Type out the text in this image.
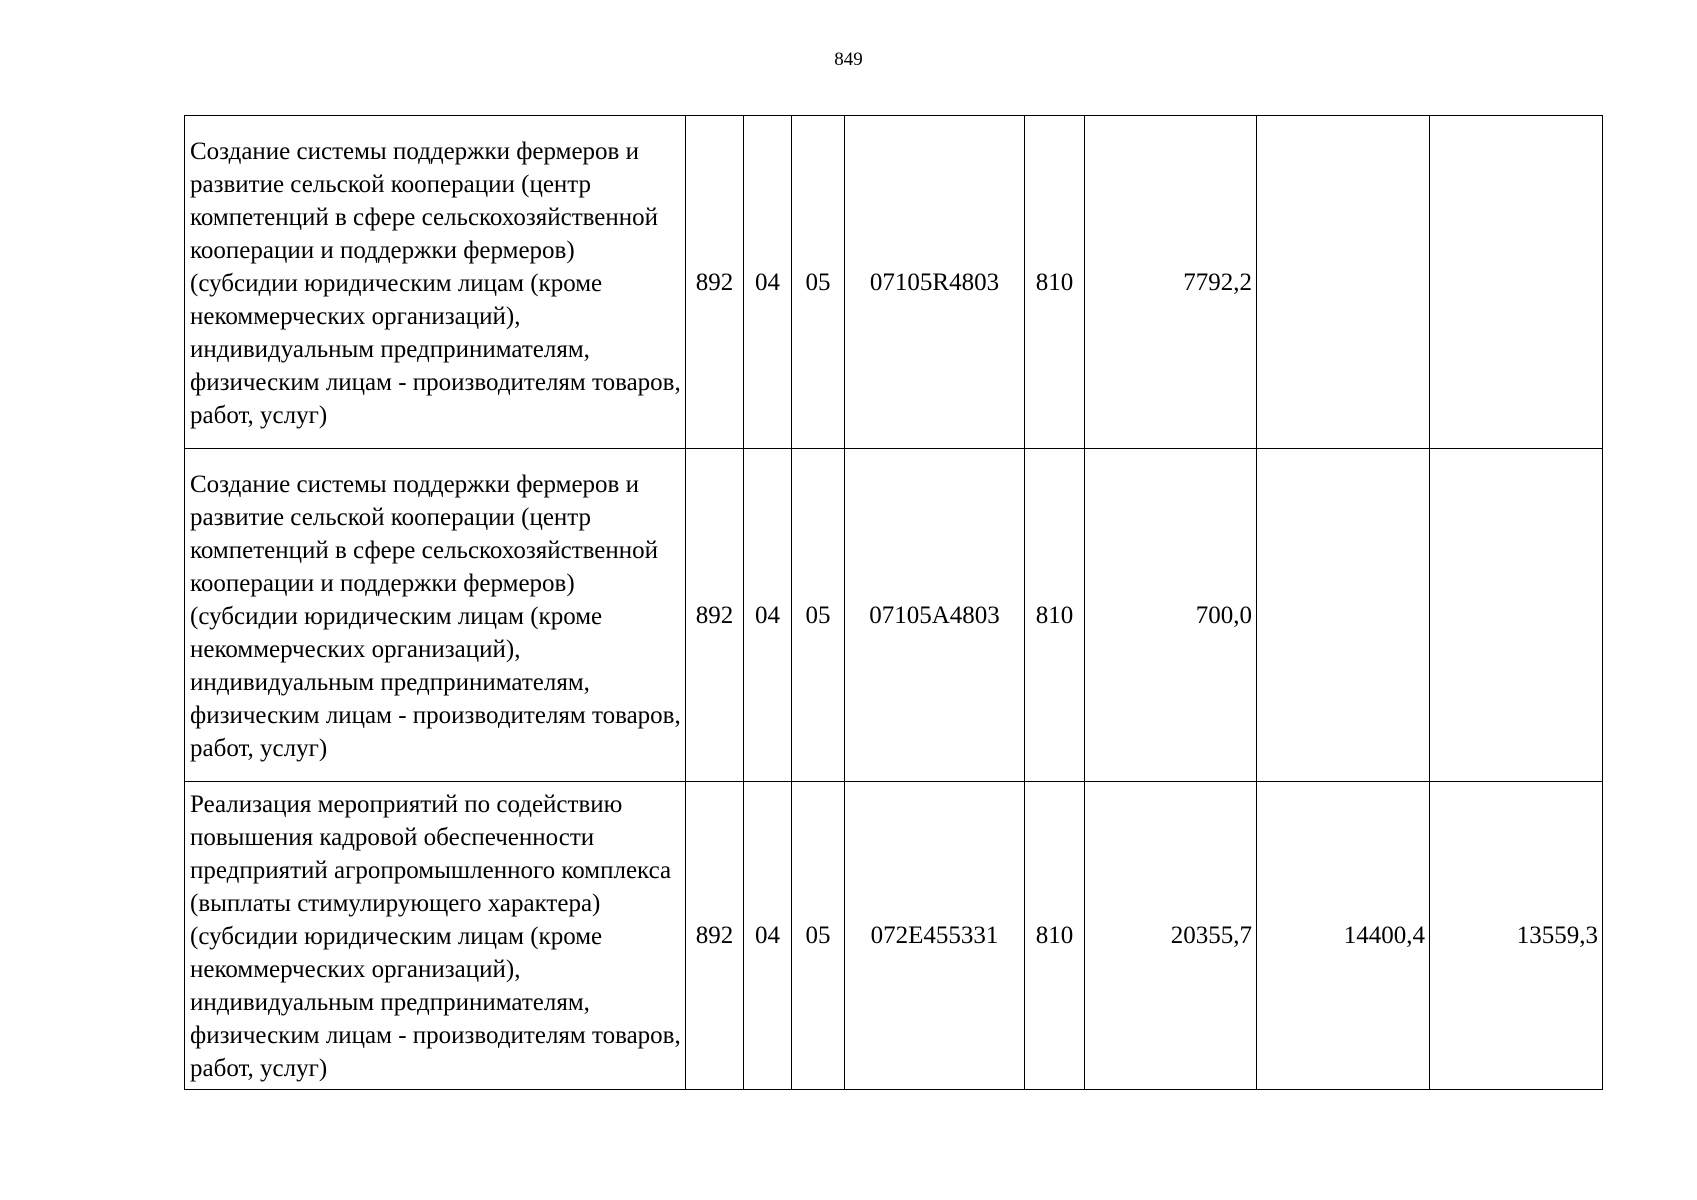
849
Создание системы поддержки фермеров и развитие сельской кооперации (центр компетенций в сфере сельскохозяйственной кооперации и поддержки фермеров) (субсидии юридическим лицам (кроме некоммерческих организаций), индивидуальным предпринимателям, физическим лицам - производителям товаров, работ, услуг)	892	04	05	07105R4803	810	7792,2		
Создание системы поддержки фермеров и развитие сельской кооперации (центр компетенций в сфере сельскохозяйственной кооперации и поддержки фермеров) (субсидии юридическим лицам (кроме некоммерческих организаций), индивидуальным предпринимателям, физическим лицам - производителям товаров, работ, услуг)	892	04	05	07105A4803	810	700,0		
Реализация мероприятий по содействию повышения кадровой обеспеченности предприятий агропромышленного комплекса (выплаты стимулирующего характера) (субсидии юридическим лицам (кроме некоммерческих организаций), индивидуальным предпринимателям, физическим лицам - производителям товаров, работ, услуг)	892	04	05	072E455331	810	20355,7	14400,4	13559,3
